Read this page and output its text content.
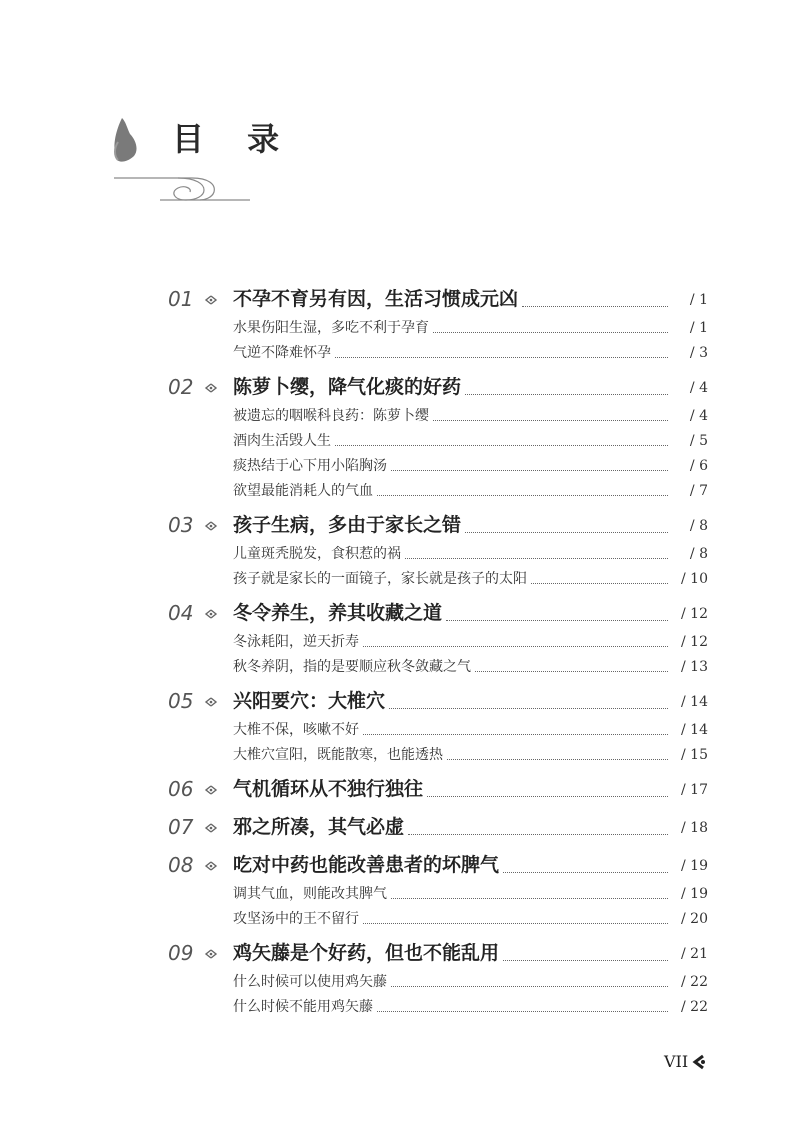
目 录
01	不孕不育另有因，生活习惯成元凶	/ 1
水果伤阳生湿，多吃不利于孕育	/ 1
气逆不降难怀孕	/ 3
02	陈萝卜缨，降气化痰的好药	/ 4
被遗忘的咽喉科良药：陈萝卜缨	/ 4
酒肉生活毁人生	/ 5
痰热结于心下用小陷胸汤	/ 6
欲望最能消耗人的气血	/ 7
03	孩子生病，多由于家长之错	/ 8
儿童斑秃脱发，食积惹的祸	/ 8
孩子就是家长的一面镜子，家长就是孩子的太阳	/ 10
04	冬令养生，养其收藏之道	/ 12
冬泳耗阳，逆天折寿	/ 12
秋冬养阴，指的是要顺应秋冬敛藏之气	/ 13
05	兴阳要穴：大椎穴	/ 14
大椎不保，咳嗽不好	/ 14
大椎穴宣阳，既能散寒，也能透热	/ 15
06	气机循环从不独行独往	/ 17
07	邪之所凑，其气必虚	/ 18
08	吃对中药也能改善患者的坏脾气	/ 19
调其气血，则能改其脾气	/ 19
攻坚汤中的王不留行	/ 20
09	鸡矢藤是个好药，但也不能乱用	/ 21
什么时候可以使用鸡矢藤	/ 22
什么时候不能用鸡矢藤	/ 22
VII
